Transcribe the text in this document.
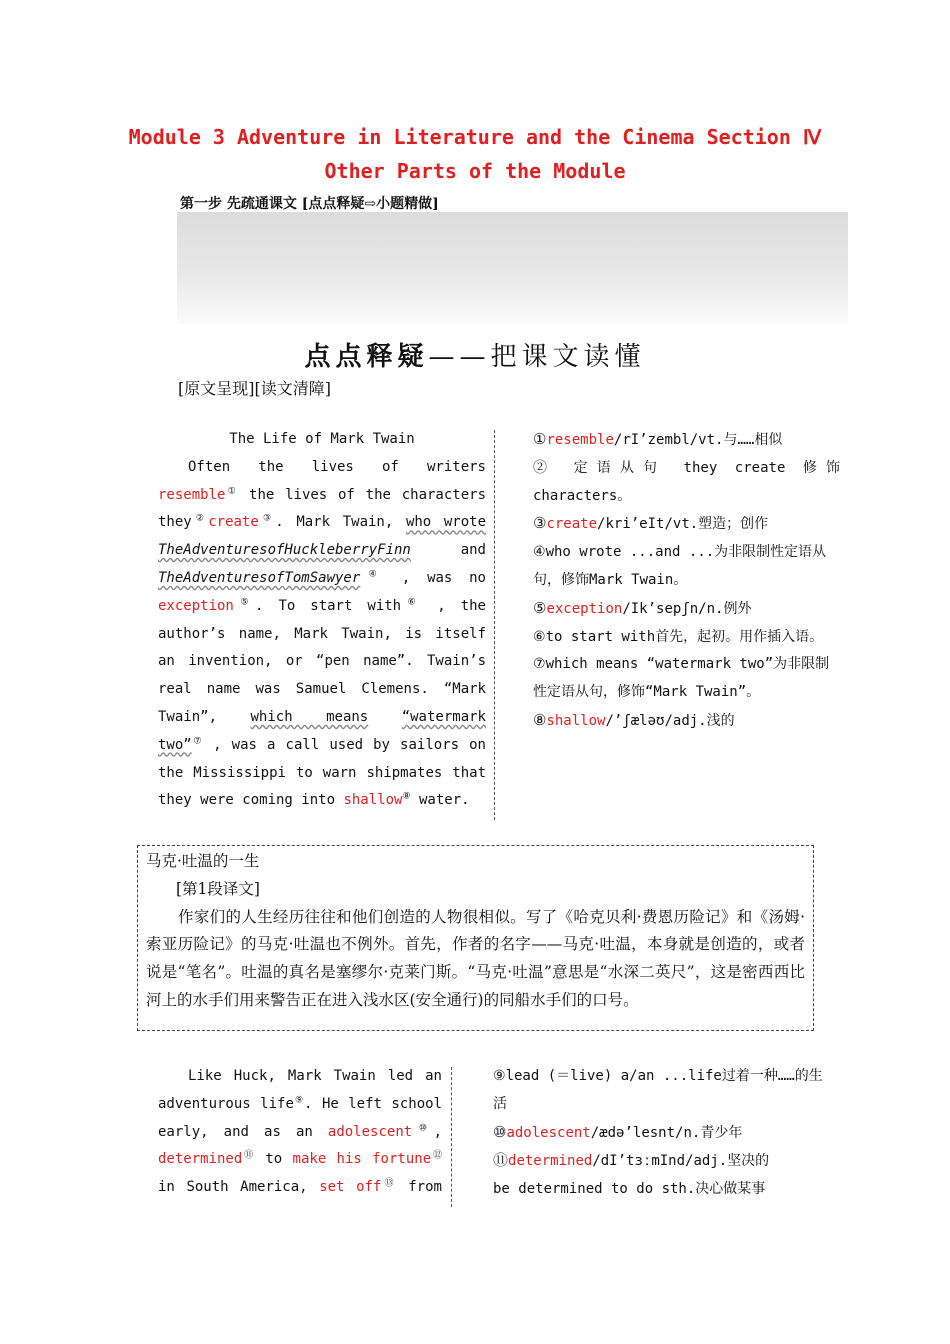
Module 3 Adventure in Literature and the Cinema Section Ⅳ
Other Parts of the Module
第一步 先疏通课文 [点点释疑⇨小题精做]
点点释疑——把课文读懂
[原文呈现][读文清障]

The Life of Mark Twain

Often the lives of writers

resemble① the lives of the characters

they②create③. Mark Twain, who wrote

TheAdventuresofHuckleberryFinn	and

TheAdventuresofTomSawyer④ , was no

exception⑤. To start with⑥ , the

author’s name, Mark Twain, is itself

an invention, or “pen name”. Twain’s

real name was Samuel Clemens. “Mark

Twain”, which means “watermark

two”⑦ , was a call used by sailors on

the Mississippi to warn shipmates that

they were coming into shallow⑧ water.

①resemble/rI’zembl/vt.与……相似

② 定语从句 they create 修饰 characters。

③create/kri’eIt/vt.塑造；创作

④who wrote ...and ...为非限制性定语从句，修饰Mark Twain。

⑤exception/Ik’sepʃn/n.例外

⑥to start with首先，起初。用作插入语。

⑦which means “watermark two”为非限制性定语从句，修饰“Mark Twain”。

⑧shallow/’ʃæləʊ/adj.浅的

马克·吐温的一生

[第1段译文]

作家们的人生经历往往和他们创造的人物很相似。写了《哈克贝利·费恩历险记》和《汤姆·索亚历险记》的马克·吐温也不例外。首先，作者的名字——马克·吐温，本身就是创造的，或者说是“笔名”。吐温的真名是塞缪尔·克莱门斯。“马克·吐温”意思是“水深二英尺”，这是密西西比河上的水手们用来警告正在进入浅水区(安全通行)的同船水手们的口号。

Like Huck, Mark Twain led an

adventurous life⑨. He left school

early, and as an adolescent⑩,

determined⑪ to make his fortune⑫

in South America, set off⑬ from

⑨lead (＝live) a/an ...life过着一种……的生活

⑩adolescent/ædə’lesnt/n.青少年

⑪determined/dI’tɜːmInd/adj.坚决的

be determined to do sth.决心做某事
